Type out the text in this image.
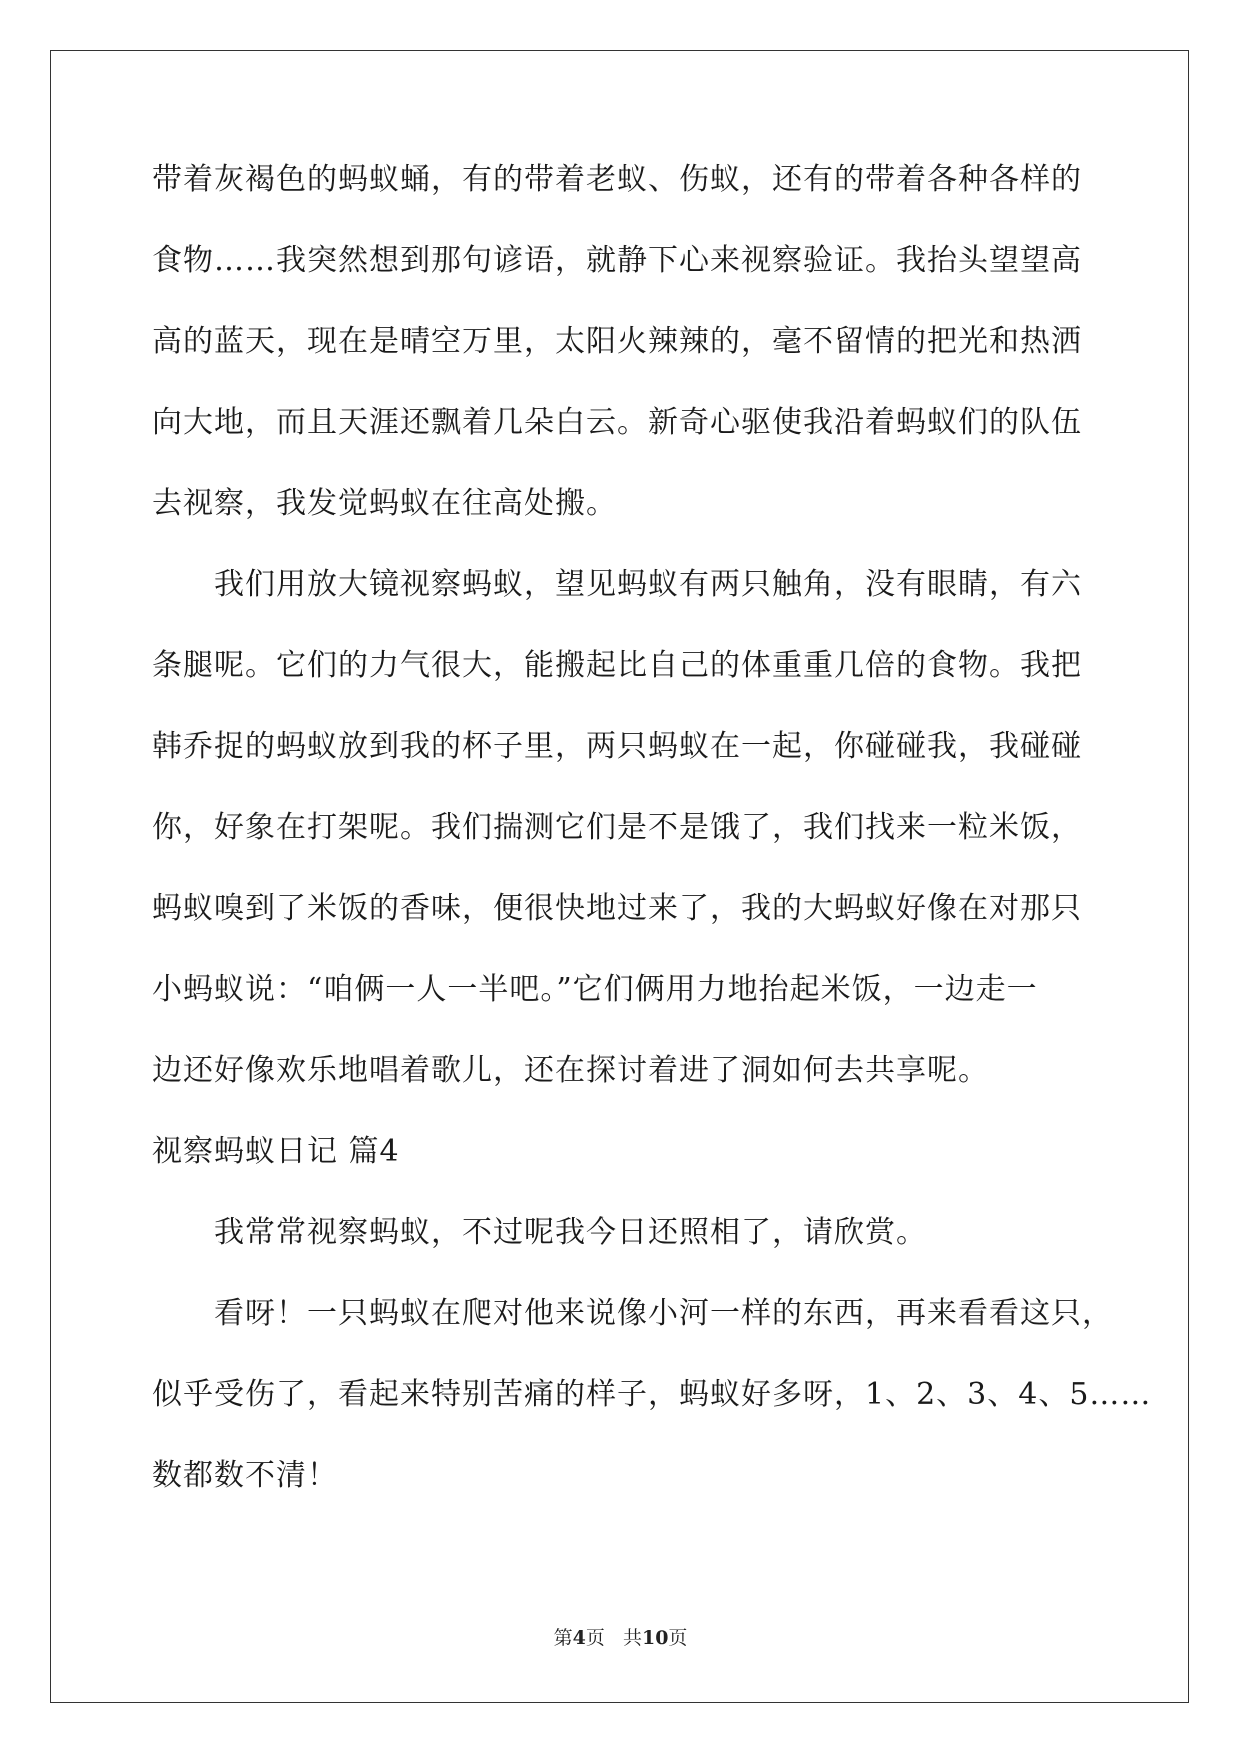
带着灰褐色的蚂蚁蛹，有的带着老蚁、伤蚁，还有的带着各种各样的
食物……我突然想到那句谚语，就静下心来视察验证。我抬头望望高
高的蓝天，现在是晴空万里，太阳火辣辣的，毫不留情的把光和热洒
向大地，而且天涯还飘着几朵白云。新奇心驱使我沿着蚂蚁们的队伍
去视察，我发觉蚂蚁在往高处搬。
　　我们用放大镜视察蚂蚁，望见蚂蚁有两只触角，没有眼睛，有六
条腿呢。它们的力气很大，能搬起比自己的体重重几倍的食物。我把
韩乔捉的蚂蚁放到我的杯子里，两只蚂蚁在一起，你碰碰我，我碰碰
你，好象在打架呢。我们揣测它们是不是饿了，我们找来一粒米饭，
蚂蚁嗅到了米饭的香味，便很快地过来了，我的大蚂蚁好像在对那只
小蚂蚁说：“咱俩一人一半吧。”它们俩用力地抬起米饭，一边走一
边还好像欢乐地唱着歌儿，还在探讨着进了洞如何去共享呢。
视察蚂蚁日记 篇4
　　我常常视察蚂蚁，不过呢我今日还照相了，请欣赏。
　　看呀！一只蚂蚁在爬对他来说像小河一样的东西，再来看看这只，
似乎受伤了，看起来特别苦痛的样子，蚂蚁好多呀，1、2、3、4、5……
数都数不清！
第4页 共10页
